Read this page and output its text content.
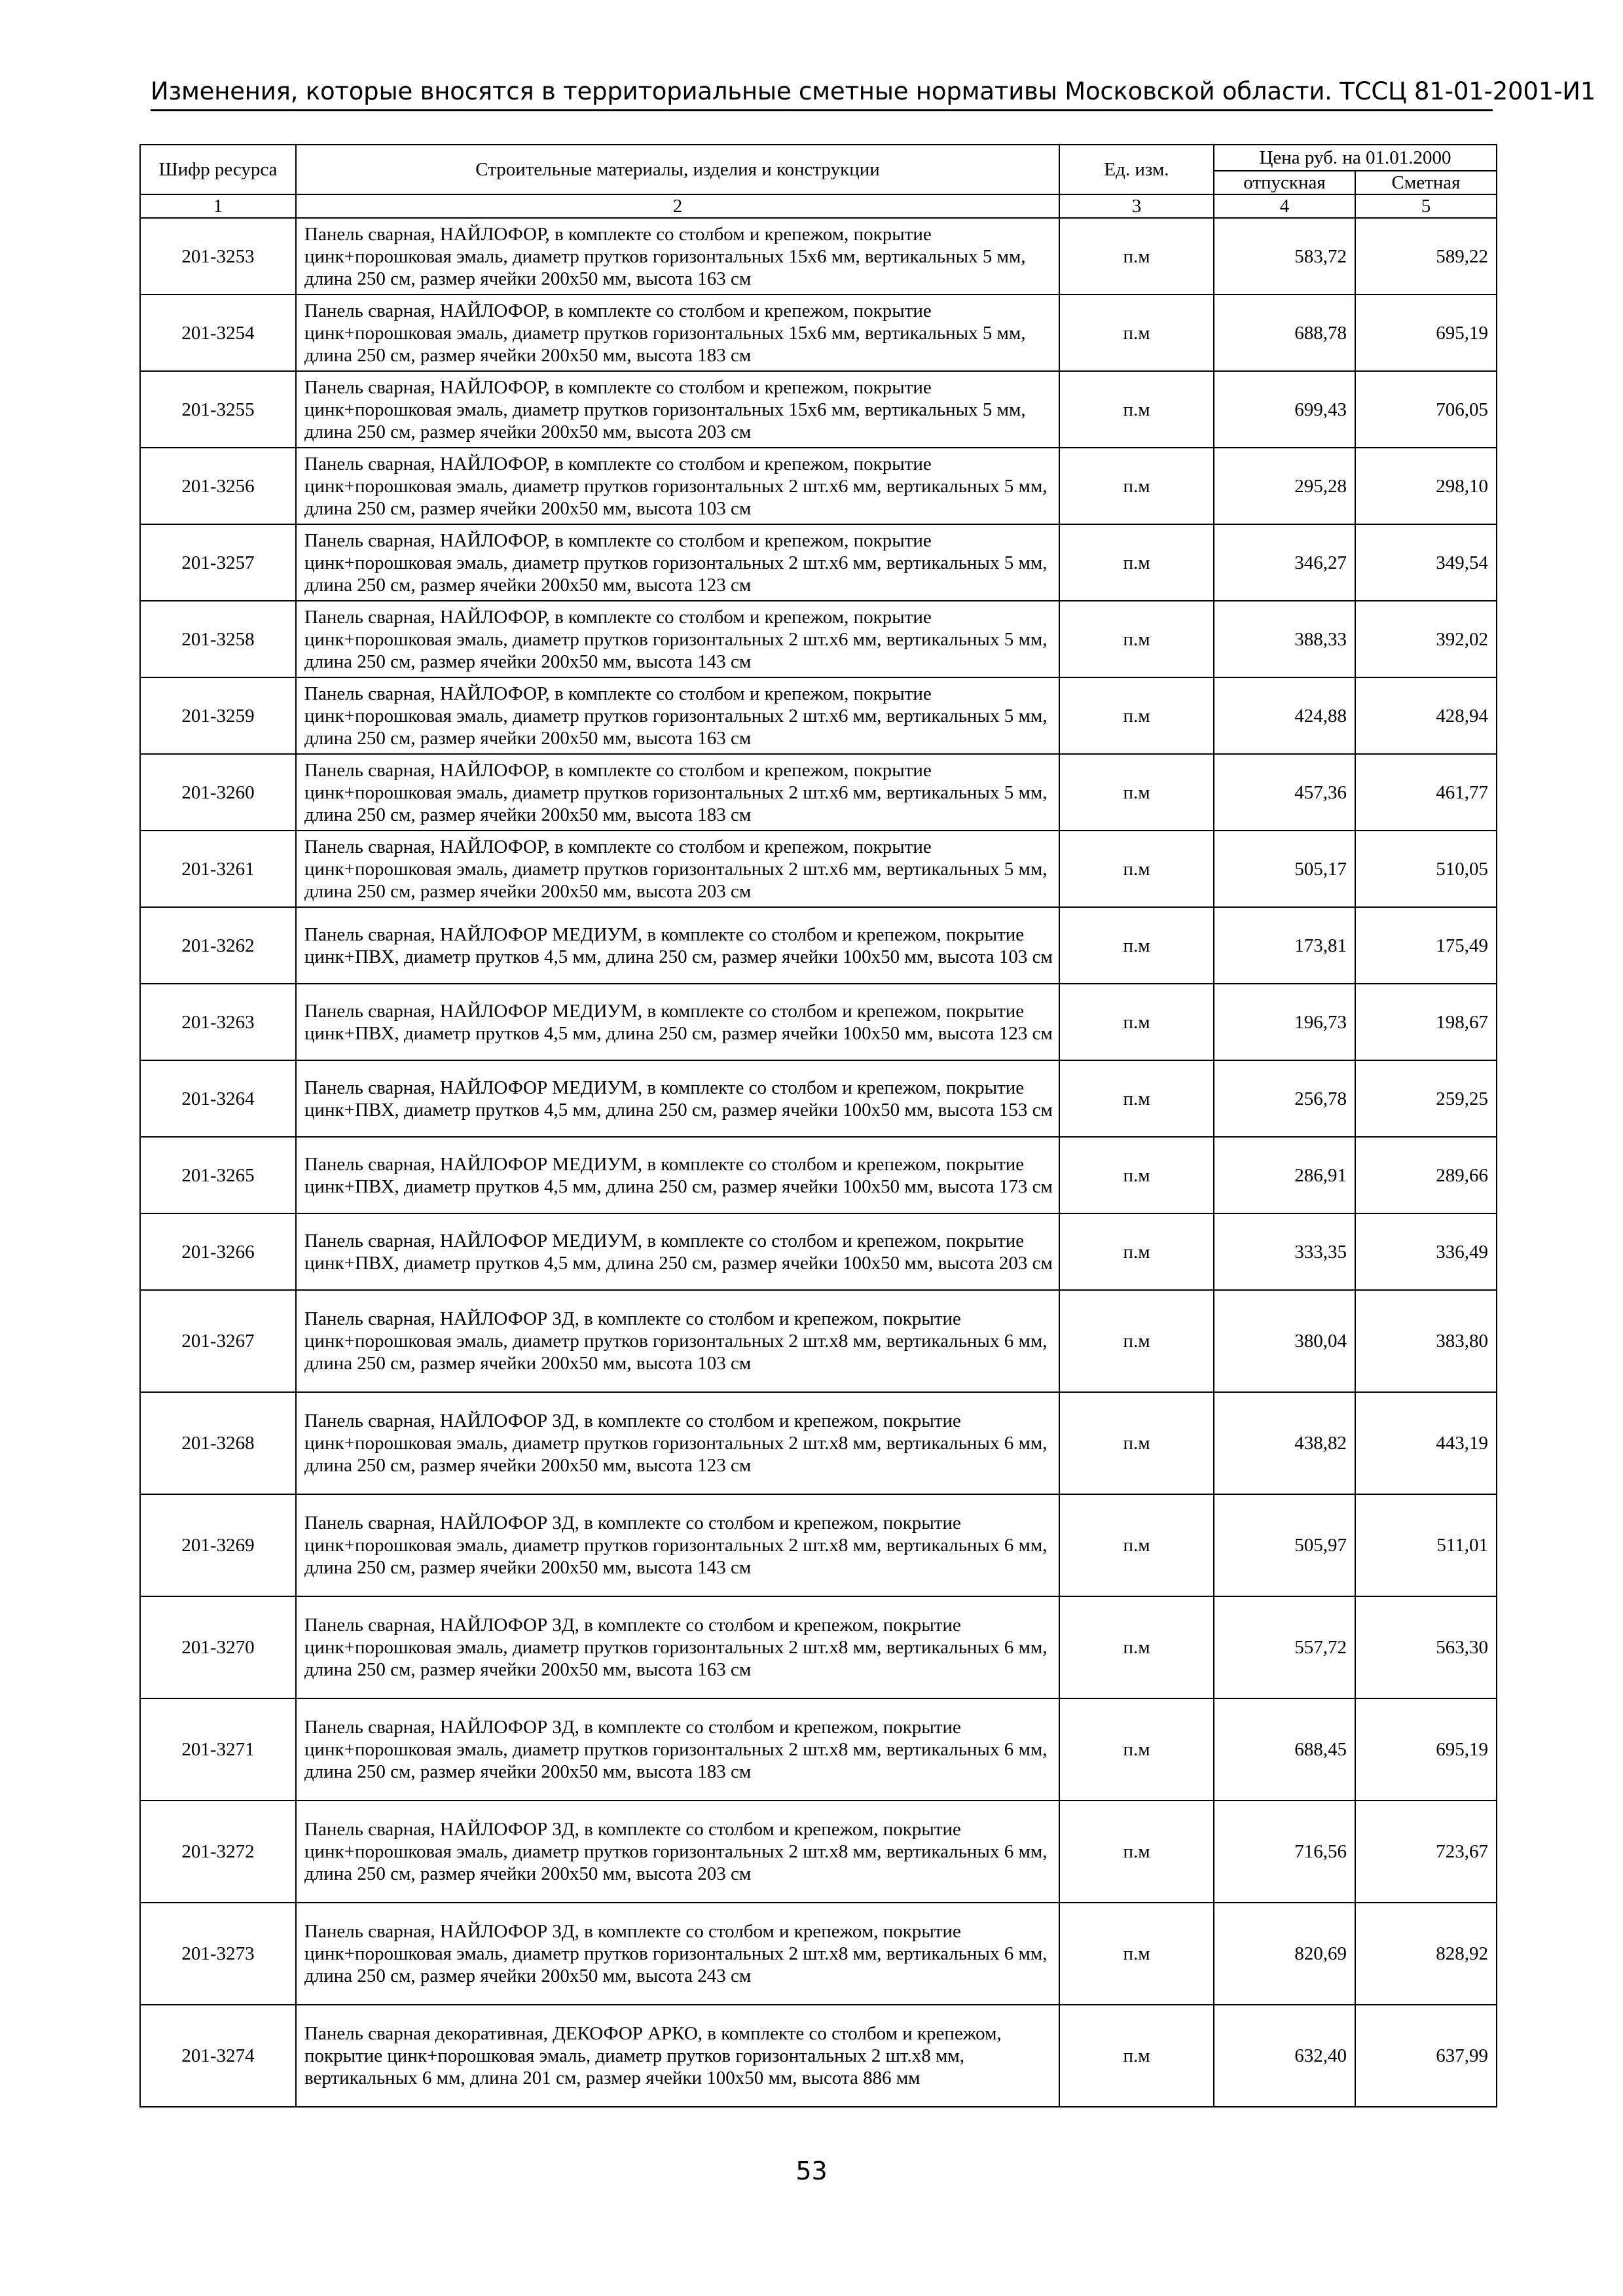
Изменения, которые вносятся в территориальные сметные нормативы Московской области. ТССЦ 81-01-2001-И1
Шифр ресурса	Строительные материалы, изделия и конструкции	Ед. изм.	Цена руб. на 01.01.2000	
			отпускная	Сметная
1	2	3	4	5
201-3253	Панель сварная, НАЙЛОФОР, в комплекте со столбом и крепежом, покрытие цинк+порошковая эмаль, диаметр прутков горизонтальных 15х6 мм, вертикальных 5 мм, длина 250 см, размер ячейки 200х50 мм, высота 163 см	п.м	583,72	589,22
201-3254	Панель сварная, НАЙЛОФОР, в комплекте со столбом и крепежом, покрытие цинк+порошковая эмаль, диаметр прутков горизонтальных 15х6 мм, вертикальных 5 мм, длина 250 см, размер ячейки 200х50 мм, высота 183 см	п.м	688,78	695,19
201-3255	Панель сварная, НАЙЛОФОР, в комплекте со столбом и крепежом, покрытие цинк+порошковая эмаль, диаметр прутков горизонтальных 15х6 мм, вертикальных 5 мм, длина 250 см, размер ячейки 200х50 мм, высота 203 см	п.м	699,43	706,05
201-3256	Панель сварная, НАЙЛОФОР, в комплекте со столбом и крепежом, покрытие цинк+порошковая эмаль, диаметр прутков горизонтальных 2 шт.х6 мм, вертикальных 5 мм, длина 250 см, размер ячейки 200х50 мм, высота 103 см	п.м	295,28	298,10
201-3257	Панель сварная, НАЙЛОФОР, в комплекте со столбом и крепежом, покрытие цинк+порошковая эмаль, диаметр прутков горизонтальных 2 шт.х6 мм, вертикальных 5 мм, длина 250 см, размер ячейки 200х50 мм, высота 123 см	п.м	346,27	349,54
201-3258	Панель сварная, НАЙЛОФОР, в комплекте со столбом и крепежом, покрытие цинк+порошковая эмаль, диаметр прутков горизонтальных 2 шт.х6 мм, вертикальных 5 мм, длина 250 см, размер ячейки 200х50 мм, высота 143 см	п.м	388,33	392,02
201-3259	Панель сварная, НАЙЛОФОР, в комплекте со столбом и крепежом, покрытие цинк+порошковая эмаль, диаметр прутков горизонтальных 2 шт.х6 мм, вертикальных 5 мм, длина 250 см, размер ячейки 200х50 мм, высота 163 см	п.м	424,88	428,94
201-3260	Панель сварная, НАЙЛОФОР, в комплекте со столбом и крепежом, покрытие цинк+порошковая эмаль, диаметр прутков горизонтальных 2 шт.х6 мм, вертикальных 5 мм, длина 250 см, размер ячейки 200х50 мм, высота 183 см	п.м	457,36	461,77
201-3261	Панель сварная, НАЙЛОФОР, в комплекте со столбом и крепежом, покрытие цинк+порошковая эмаль, диаметр прутков горизонтальных 2 шт.х6 мм, вертикальных 5 мм, длина 250 см, размер ячейки 200х50 мм, высота 203 см	п.м	505,17	510,05
201-3262	Панель сварная, НАЙЛОФОР МЕДИУМ, в комплекте со столбом и крепежом, покрытие цинк+ПВХ, диаметр прутков 4,5 мм, длина 250 см, размер ячейки 100х50 мм, высота 103 см	п.м	173,81	175,49
201-3263	Панель сварная, НАЙЛОФОР МЕДИУМ, в комплекте со столбом и крепежом, покрытие цинк+ПВХ, диаметр прутков 4,5 мм, длина 250 см, размер ячейки 100х50 мм, высота 123 см	п.м	196,73	198,67
201-3264	Панель сварная, НАЙЛОФОР МЕДИУМ, в комплекте со столбом и крепежом, покрытие цинк+ПВХ, диаметр прутков 4,5 мм, длина 250 см, размер ячейки 100х50 мм, высота 153 см	п.м	256,78	259,25
201-3265	Панель сварная, НАЙЛОФОР МЕДИУМ, в комплекте со столбом и крепежом, покрытие цинк+ПВХ, диаметр прутков 4,5 мм, длина 250 см, размер ячейки 100х50 мм, высота 173 см	п.м	286,91	289,66
201-3266	Панель сварная, НАЙЛОФОР МЕДИУМ, в комплекте со столбом и крепежом, покрытие цинк+ПВХ, диаметр прутков 4,5 мм, длина 250 см, размер ячейки 100х50 мм, высота 203 см	п.м	333,35	336,49
201-3267	Панель сварная, НАЙЛОФОР 3Д, в комплекте со столбом и крепежом, покрытие цинк+порошковая эмаль, диаметр прутков горизонтальных 2 шт.х8 мм, вертикальных 6 мм, длина 250 см, размер ячейки 200х50 мм, высота 103 см	п.м	380,04	383,80
201-3268	Панель сварная, НАЙЛОФОР 3Д, в комплекте со столбом и крепежом, покрытие цинк+порошковая эмаль, диаметр прутков горизонтальных 2 шт.х8 мм, вертикальных 6 мм, длина 250 см, размер ячейки 200х50 мм, высота 123 см	п.м	438,82	443,19
201-3269	Панель сварная, НАЙЛОФОР 3Д, в комплекте со столбом и крепежом, покрытие цинк+порошковая эмаль, диаметр прутков горизонтальных 2 шт.х8 мм, вертикальных 6 мм, длина 250 см, размер ячейки 200х50 мм, высота 143 см	п.м	505,97	511,01
201-3270	Панель сварная, НАЙЛОФОР 3Д, в комплекте со столбом и крепежом, покрытие цинк+порошковая эмаль, диаметр прутков горизонтальных 2 шт.х8 мм, вертикальных 6 мм, длина 250 см, размер ячейки 200х50 мм, высота 163 см	п.м	557,72	563,30
201-3271	Панель сварная, НАЙЛОФОР 3Д, в комплекте со столбом и крепежом, покрытие цинк+порошковая эмаль, диаметр прутков горизонтальных 2 шт.х8 мм, вертикальных 6 мм, длина 250 см, размер ячейки 200х50 мм, высота 183 см	п.м	688,45	695,19
201-3272	Панель сварная, НАЙЛОФОР 3Д, в комплекте со столбом и крепежом, покрытие цинк+порошковая эмаль, диаметр прутков горизонтальных 2 шт.х8 мм, вертикальных 6 мм, длина 250 см, размер ячейки 200х50 мм, высота 203 см	п.м	716,56	723,67
201-3273	Панель сварная, НАЙЛОФОР 3Д, в комплекте со столбом и крепежом, покрытие цинк+порошковая эмаль, диаметр прутков горизонтальных 2 шт.х8 мм, вертикальных 6 мм, длина 250 см, размер ячейки 200х50 мм, высота 243 см	п.м	820,69	828,92
201-3274	Панель сварная декоративная, ДЕКОФОР АРКО, в комплекте со столбом и крепежом, покрытие цинк+порошковая эмаль, диаметр прутков горизонтальных 2 шт.х8 мм, вертикальных 6 мм, длина 201 см, размер ячейки 100х50 мм, высота 886 мм	п.м	632,40	637,99
53
